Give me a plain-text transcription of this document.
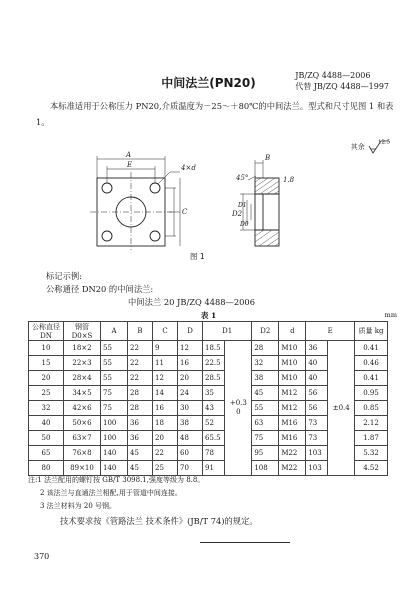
JB/ZQ 4488—2006
代替 JB/ZQ 4488—1997
中间法兰(PN20)
本标准适用于公称压力 PN20,介质温度为－25～＋80℃的中间法兰。型式和尺寸见图 1 和表 1。
其余
12.5
A
E	4×d
C
B
45°	1.8
D2
D1
D0
图 1
标记示例:
公称通径 DN20 的中间法兰:
中间法兰 20 JB/ZQ 4488—2006
表 1	mm
公称直径 DN	钢管 D0×S	A	B	C	D	D1		D2	d	E		质量 kg
10	18×2	55	22	9	12	18.5	+0.3 0	28	M10	36	±0.4	0.41
15	22×3	55	22	11	16	22.5		32	M10	40		0.46
20	28×4	55	22	12	20	28.5		38	M10	40		0.41
25	34×5	75	28	14	24	35		45	M12	56		0.95
32	42×6	75	28	16	30	43		55	M12	56		0.85
40	50×6	100	36	18	38	52		63	M16	73		2.12
50	63×7	100	36	20	48	65.5		75	M16	73		1.87
65	76×8	140	45	22	60	78		95	M22	103		5.32
80	89×10	140	45	25	70	91		108	M22	103		4.52
注:1 法兰配用的螺钉按 GB/T 3098.1,强度等级为 8.8。
2 该法兰与直通法兰相配,用于管道中间连接。
3 法兰材料为 20 号钢。
技术要求按《管路法兰 技术条件》(JB/T 74)的规定。
370
